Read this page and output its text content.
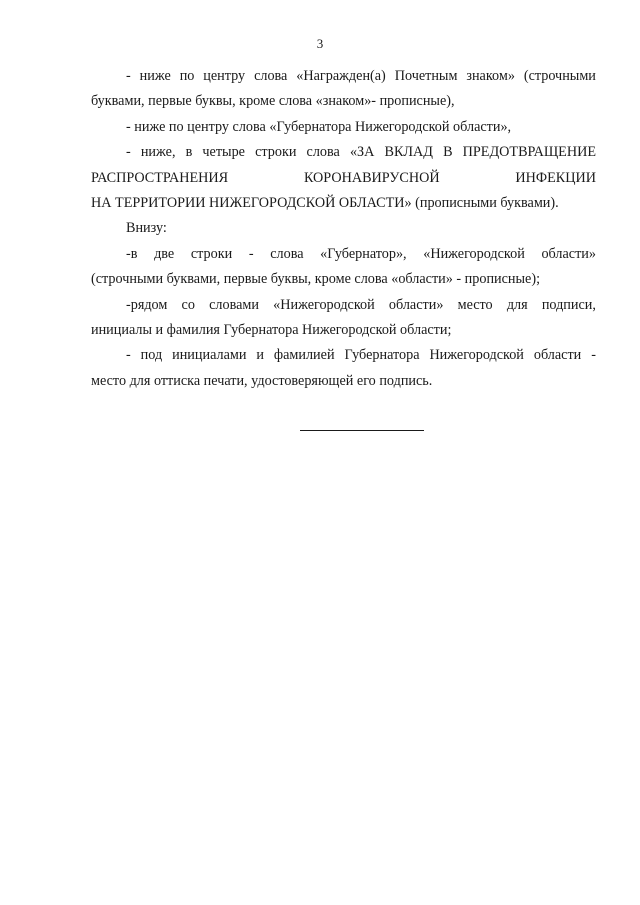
3
- ниже по центру слова «Награжден(а) Почетным знаком» (строчными
буквами, первые буквы, кроме слова «знаком»- прописные),
- ниже по центру слова «Губернатора Нижегородской области»,
- ниже, в четыре строки слова «ЗА ВКЛАД В ПРЕДОТВРАЩЕНИЕ
РАСПРОСТРАНЕНИЯ	КОРОНАВИРУСНОЙ	ИНФЕКЦИИ
НА ТЕРРИТОРИИ НИЖЕГОРОДСКОЙ ОБЛАСТИ» (прописными буквами).
Внизу:
-в две строки - слова «Губернатор», «Нижегородской области»
(строчными буквами, первые буквы, кроме слова «области» - прописные);
-рядом со словами «Нижегородской области» место для подписи,
инициалы и фамилия Губернатора Нижегородской области;
- под инициалами и фамилией Губернатора Нижегородской области -
место для оттиска печати, удостоверяющей его подпись.
